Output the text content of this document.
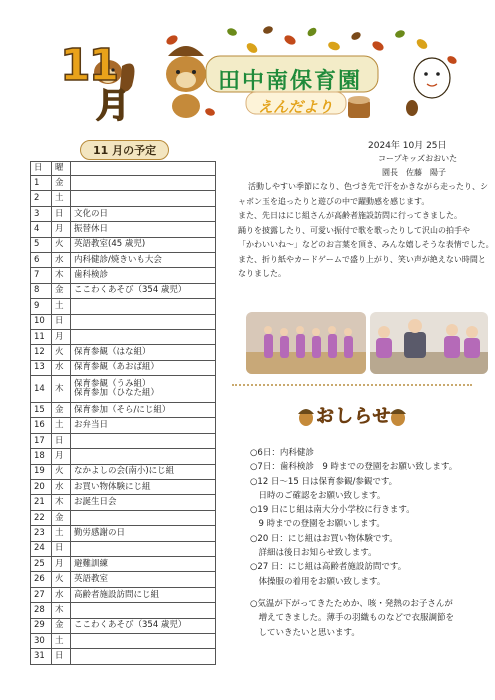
11
月
田中南保育園
えんだより
11 月の予定
日	曜	
1	金	

2	土	

3	日	文化の日

4	月	振替休日

5	火	英語教室(45 歳児)

6	水	内科健診/焼きいも大会

7	木	歯科検診

8	金	ここわくあそび（354 歳児）

9	土	

10	日	

11	月	

12	火	保育参観（はな組）

13	水	保育参観（あおば組）

14	木	保育参観（うみ組）
保育参加（ひなた組）

15	金	保育参加（そら/にじ組）

16	土	お弁当日

17	日	

18	月	

19	火	なかよしの会(南小)にじ組

20	水	お買い物体験にじ組

21	木	お誕生日会

22	金	

23	土	勤労感謝の日

24	日	

25	月	避難訓練

26	火	英語教室

27	水	高齢者施設訪問にじ組

28	木	

29	金	ここわくあそび（354 歳児）

30	土	

31	日	
2024年 10月 25日
コープキッズおおいた
園長　佐藤　陽子
活動しやすい季節になり、色づき先で汗をかきながら走ったり、シ
ャボン玉を追ったりと遊びの中で躍動感を感じます。
また、先日はにじ組さんが高齢者施設訪問に行ってきました。
踊りを披露したり、可愛い振付で歌を歌ったりして沢山の拍手や
「かわいいね〜」などのお言葉を頂き、みんな嬉しそうな表情でした。
また、折り紙やカードゲームで盛り上がり、笑い声が絶えない時間と
なりました。
おしらせ
○6日：内科健診
○7日：歯科検診　9 時までの登園をお願い致します。
○12 日〜15 日は保育参観/参観です。
　日時のご確認をお願い致します。
○19 日にじ組は南大分小学校に行きます。
　9 時までの登園をお願いします。
○20 日：にじ組はお買い物体験です。
　詳細は後日お知らせ致します。
○27 日：にじ組は高齢者施設訪問です。
　体操服の着用をお願い致します。
○気温が下がってきたためか、咳・発熱のお子さんが
　増えてきました。薄手の羽織ものなどで衣服調節を
　していきたいと思います。
